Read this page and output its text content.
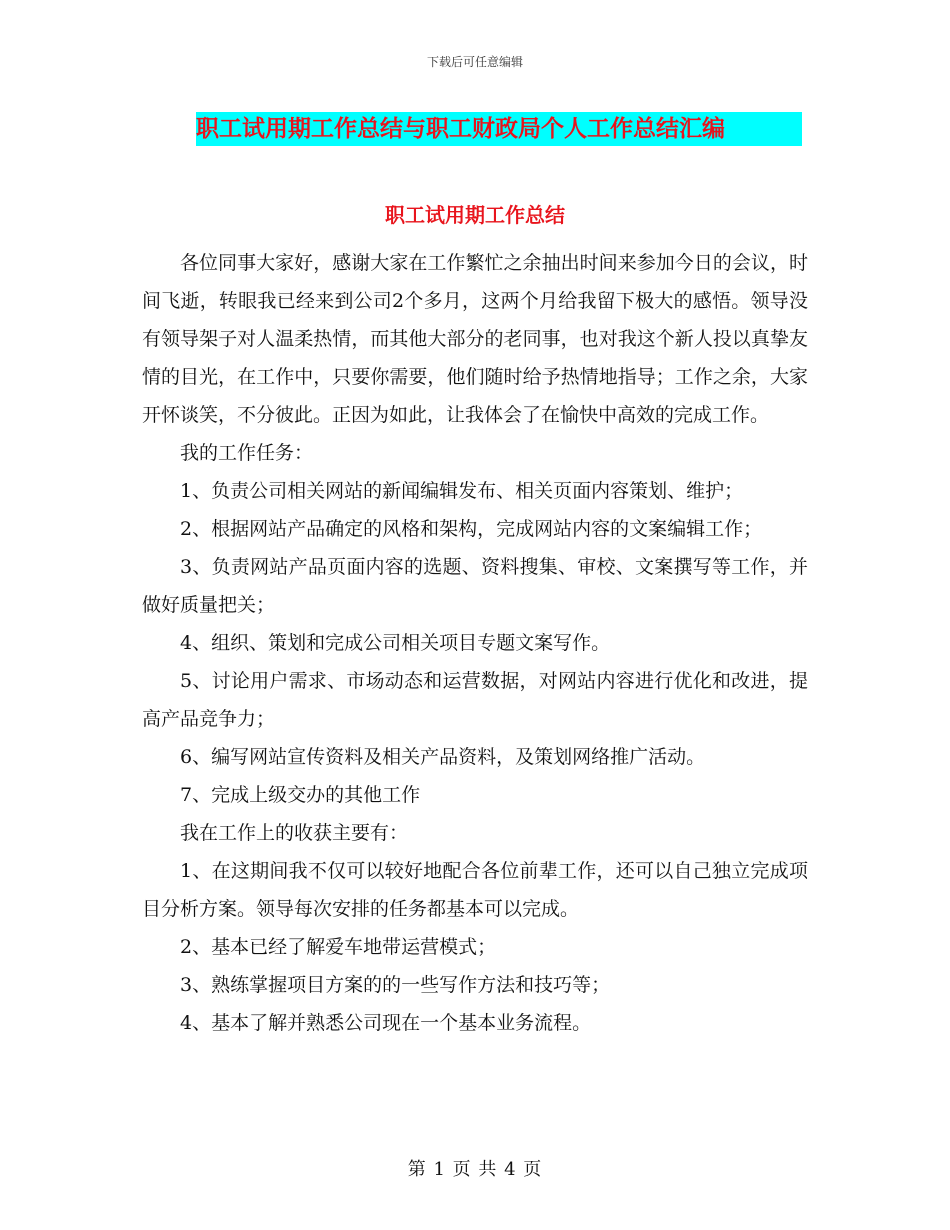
下载后可任意编辑
职工试用期工作总结与职工财政局个人工作总结汇编
职工试用期工作总结

各位同事大家好，感谢大家在工作繁忙之余抽出时间来参加今日的会议，时间飞逝，转眼我已经来到公司2个多月，这两个月给我留下极大的感悟。领导没有领导架子对人温柔热情，而其他大部分的老同事，也对我这个新人投以真挚友情的目光，在工作中，只要你需要，他们随时给予热情地指导；工作之余，大家开怀谈笑，不分彼此。正因为如此，让我体会了在愉快中高效的完成工作。

我的工作任务：

1、负责公司相关网站的新闻编辑发布、相关页面内容策划、维护；

2、根据网站产品确定的风格和架构，完成网站内容的文案编辑工作；

3、负责网站产品页面内容的选题、资料搜集、审校、文案撰写等工作，并做好质量把关；

4、组织、策划和完成公司相关项目专题文案写作。

5、讨论用户需求、市场动态和运营数据，对网站内容进行优化和改进，提高产品竞争力；

6、编写网站宣传资料及相关产品资料，及策划网络推广活动。

7、完成上级交办的其他工作

我在工作上的收获主要有：

1、在这期间我不仅可以较好地配合各位前辈工作，还可以自己独立完成项目分析方案。领导每次安排的任务都基本可以完成。

2、基本已经了解爱车地带运营模式；

3、熟练掌握项目方案的的一些写作方法和技巧等；

4、基本了解并熟悉公司现在一个基本业务流程。

第 1 页 共 4 页
